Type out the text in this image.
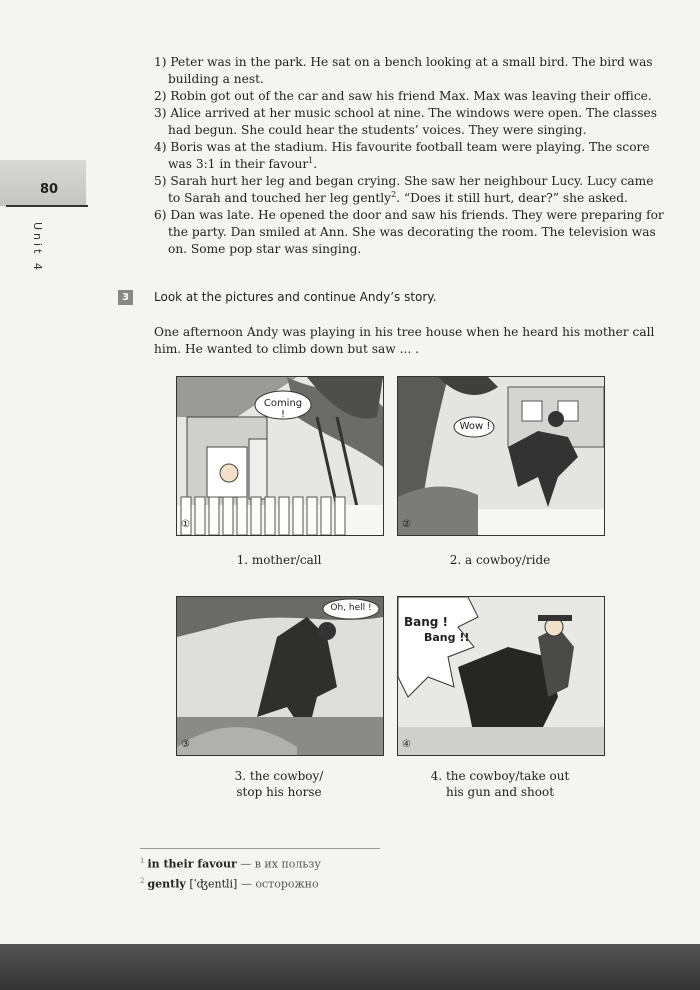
80
Unit 4

1) Peter was in the park. He sat on a bench looking at a small bird. The bird was building a nest.

2) Robin got out of the car and saw his friend Max. Max was leaving their office.

3) Alice arrived at her music school at nine. The windows were open. The classes had begun. She could hear the students’ voices. They were singing.

4) Boris was at the stadium. His favourite football team were playing. The score was 3:1 in their favour$^1$.

5) Sarah hurt her leg and began crying. She saw her neighbour Lucy. Lucy came to Sarah and touched her leg gently$^2$. “Does it still hurt, dear?” she asked.

6) Dan was late. He opened the door and saw his friends. They were preparing for the party. Dan smiled at Ann. She was decorating the room. The television was on. Some pop star was singing.

3	Look at the pictures and continue Andy’s story.

One afternoon Andy was playing in his tree house when he heard his mother call him. He wanted to climb down but saw ... .

Coming !
①
Wow !
②
1. mother/call	2. a cowboy/ride
Oh, hell !
③
Bang !
Bang !!
④
3. the cowboy/
stop his horse
4. the cowboy/take out
his gun and shoot

$^1$ in their favour — в их пользу

$^2$ gently [ˈʤentli] — осторожно
